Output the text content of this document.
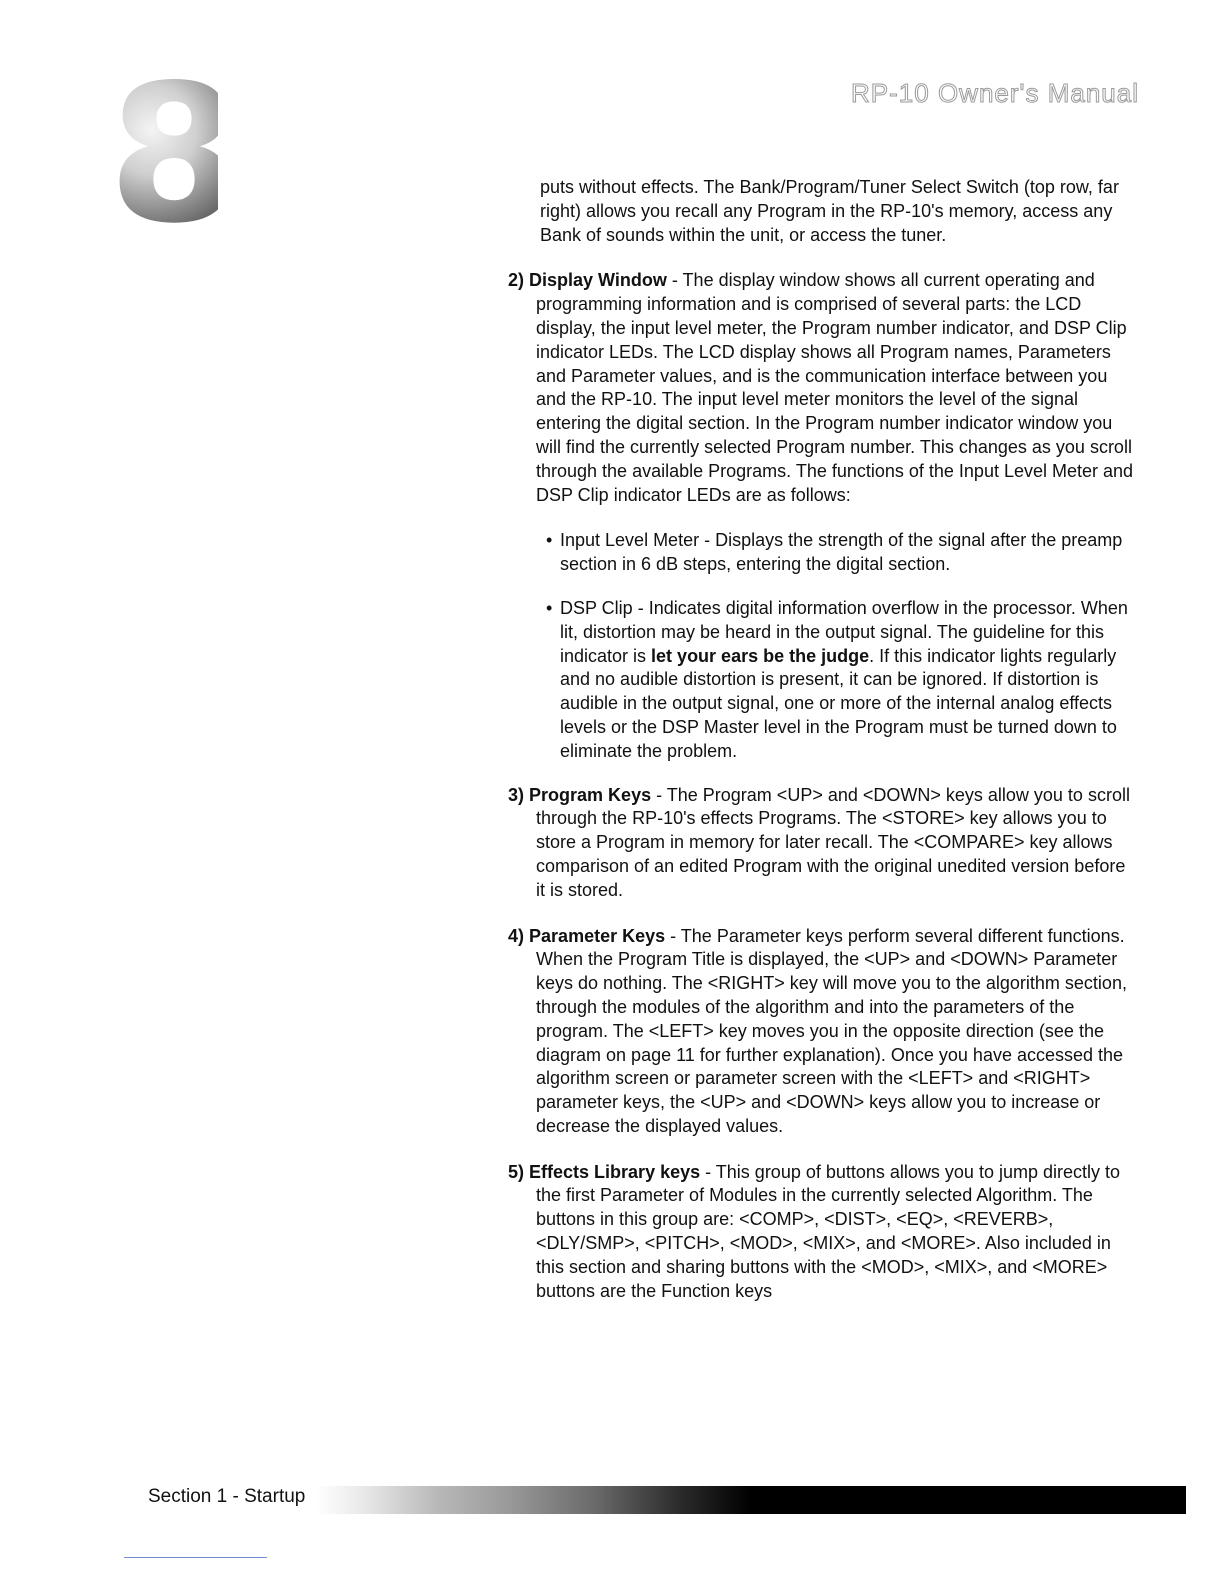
8	RP-10 Owner's Manual

puts without effects. The Bank/Program/Tuner Select Switch (top row, far right) allows you recall any Program in the RP-10's memory, access any Bank of sounds within the unit, or access the tuner.

2) Display Window - The display window shows all current operating and programming information and is comprised of several parts: the LCD display, the input level meter, the Program number indicator, and DSP Clip indicator LEDs. The LCD display shows all Program names, Parameters and Parameter values, and is the communication interface between you and the RP-10. The input level meter monitors the level of the signal entering the digital section. In the Program number indicator window you will find the currently selected Program number. This changes as you scroll through the available Programs. The functions of the Input Level Meter and DSP Clip indicator LEDs are as follows:

• Input Level Meter - Displays the strength of the signal after the preamp section in 6 dB steps, entering the digital section.

• DSP Clip - Indicates digital information overflow in the processor. When lit, distortion may be heard in the output signal. The guideline for this indicator is let your ears be the judge. If this indicator lights regularly and no audible distortion is present, it can be ignored. If distortion is audible in the output signal, one or more of the internal analog effects levels or the DSP Master level in the Program must be turned down to eliminate the problem.

3) Program Keys - The Program <UP> and <DOWN> keys allow you to scroll through the RP-10's effects Programs. The <STORE> key allows you to store a Program in memory for later recall. The <COMPARE> key allows comparison of an edited Program with the original unedited version before it is stored.

4) Parameter Keys - The Parameter keys perform several different functions. When the Program Title is displayed, the <UP> and <DOWN> Parameter keys do nothing. The <RIGHT> key will move you to the algorithm section, through the modules of the algorithm and into the parameters of the program. The <LEFT> key moves you in the opposite direction (see the diagram on page 11 for further explanation). Once you have accessed the algorithm screen or parameter screen with the <LEFT> and <RIGHT> parameter keys, the <UP> and <DOWN> keys allow you to increase or decrease the displayed values.

5) Effects Library keys - This group of buttons allows you to jump directly to the first Parameter of Modules in the currently selected Algorithm. The buttons in this group are: <COMP>, <DIST>, <EQ>, <REVERB>, <DLY/SMP>, <PITCH>, <MOD>, <MIX>, and <MORE>. Also included in this section and sharing buttons with the <MOD>, <MIX>, and <MORE> buttons are the Function keys

Section 1 - Startup
